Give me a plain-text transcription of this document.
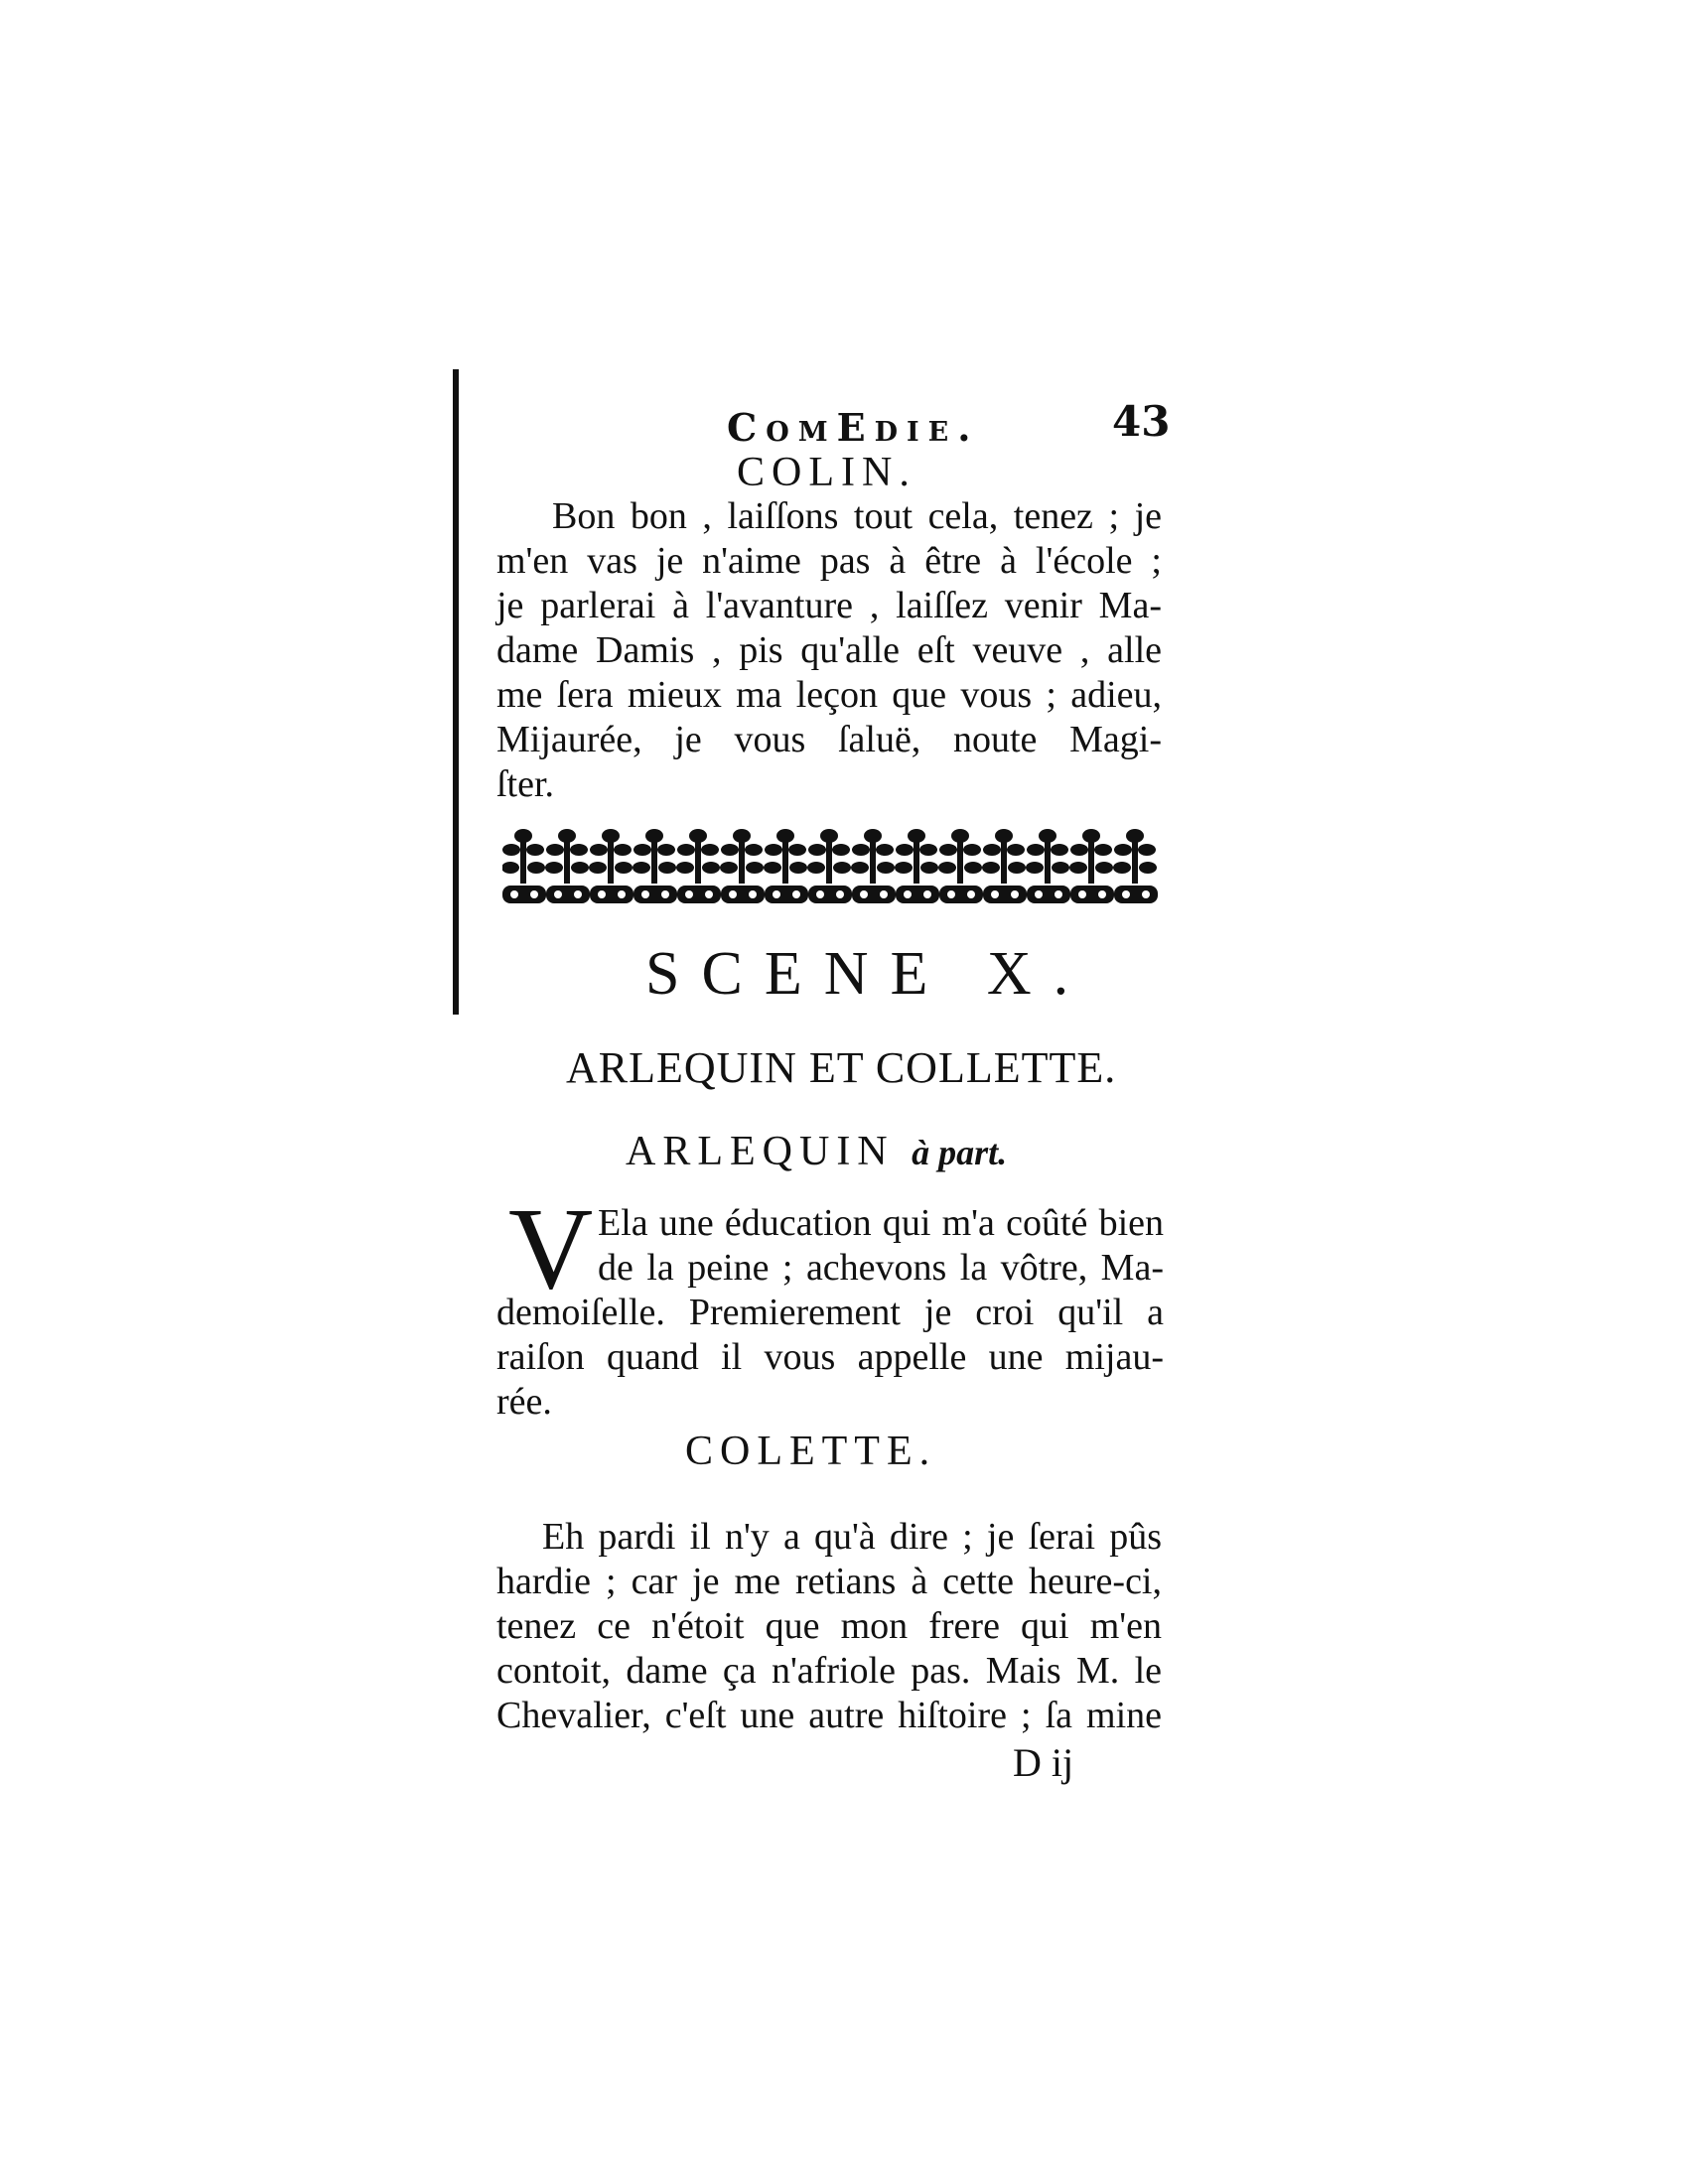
ComEdie.	43

COLIN.

Bon bon , laiſſons tout cela, tenez ; je
m'en vas je n'aime pas à être à l'école ;
je parlerai à l'avanture , laiſſez venir Ma-
dame Damis , pis qu'alle eſt veuve , alle
me ſera mieux ma leçon que vous ; adieu,
Mijaurée, je vous ſaluë, noute Magi-
ſter.

SCENE X.

ARLEQUIN ET COLLETTE.

ARLEQUIN à part.

V Ela une éducation qui m'a coûté bien
de la peine ; achevons la vôtre, Ma-
demoiſelle. Premierement je croi qu'il a
raiſon quand il vous appelle une mijau-
rée.

COLETTE.

Eh pardi il n'y a qu'à dire ; je ſerai pûs
hardie ; car je me retians à cette heure-ci,
tenez ce n'étoit que mon frere qui m'en
contoit, dame ça n'afriole pas. Mais M. le
Chevalier, c'eſt une autre hiſtoire ; ſa mine

D ij
